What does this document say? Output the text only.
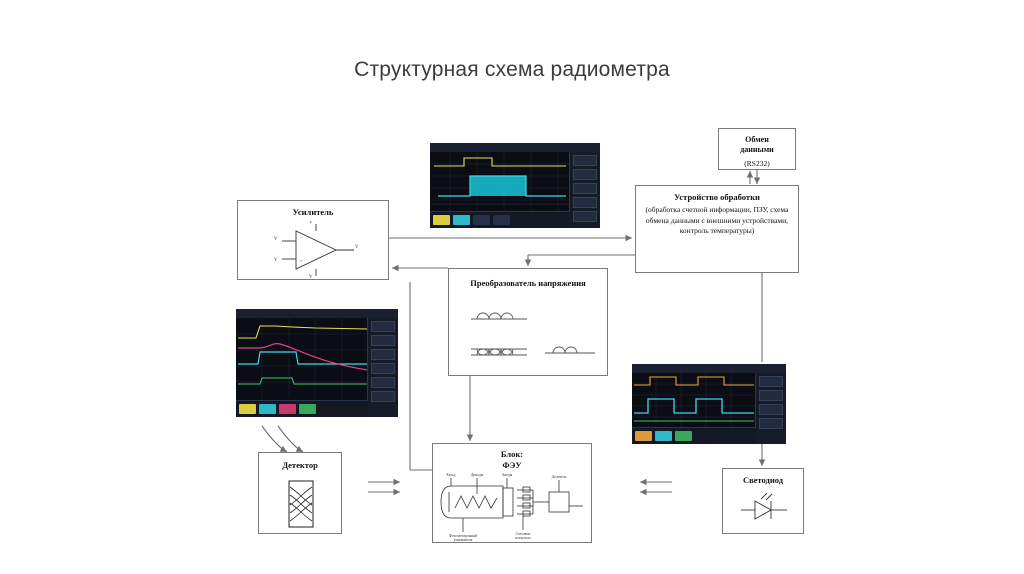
Структурная схема радиометра
Усилитель
V
V
V
V
V
−
+
Обмен
данными
(RS232)
Устройство обработки
(обработка счетной информации, ПЗУ, схема обмена данными с внешними устройствами, контроль температуры)
Преобразователь напряжения
Детектор
Блок:
ФЭУ
Катод	Диноды	Аноды	Делитель
Фотоэлектронный
умножитель
Световые
импульсы
Светодиод
